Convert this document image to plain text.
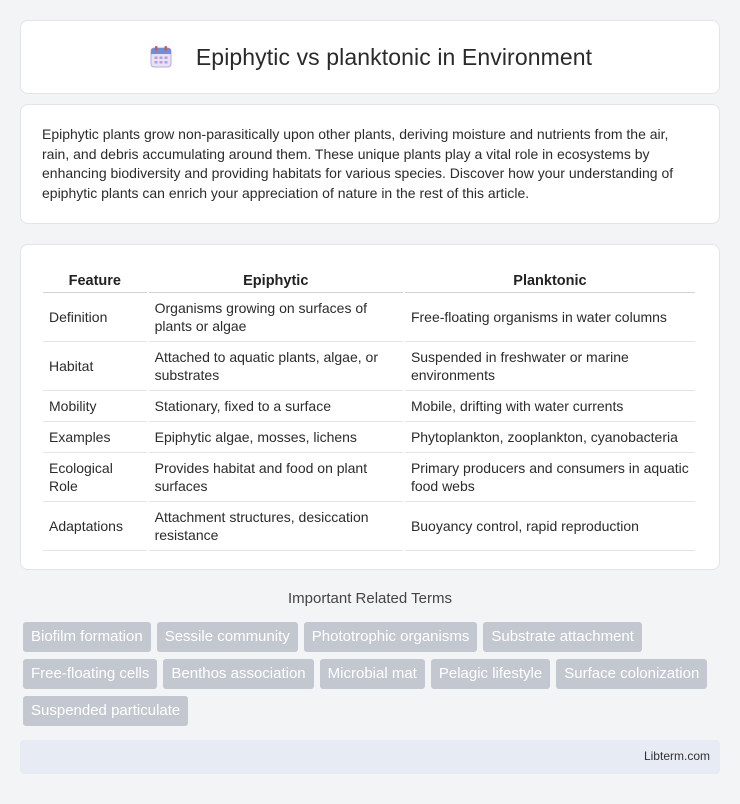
Epiphytic vs planktonic in Environment

Epiphytic plants grow non-parasitically upon other plants, deriving moisture and nutrients from the air, rain, and debris accumulating around them. These unique plants play a vital role in ecosystems by enhancing biodiversity and providing habitats for various species. Discover how your understanding of epiphytic plants can enrich your appreciation of nature in the rest of this article.

Feature	Epiphytic	Planktonic
Definition	Organisms growing on surfaces of plants or algae	Free-floating organisms in water columns
Habitat	Attached to aquatic plants, algae, or substrates	Suspended in freshwater or marine environments
Mobility	Stationary, fixed to a surface	Mobile, drifting with water currents
Examples	Epiphytic algae, mosses, lichens	Phytoplankton, zooplankton, cyanobacteria
Ecological Role	Provides habitat and food on plant surfaces	Primary producers and consumers in aquatic food webs
Adaptations	Attachment structures, desiccation resistance	Buoyancy control, rapid reproduction
Important Related Terms
Biofilm formation	Sessile community	Phototrophic organisms	Substrate attachment
Free-floating cells	Benthos association	Microbial mat	Pelagic lifestyle	Surface colonization
Suspended particulate
Libterm.com
